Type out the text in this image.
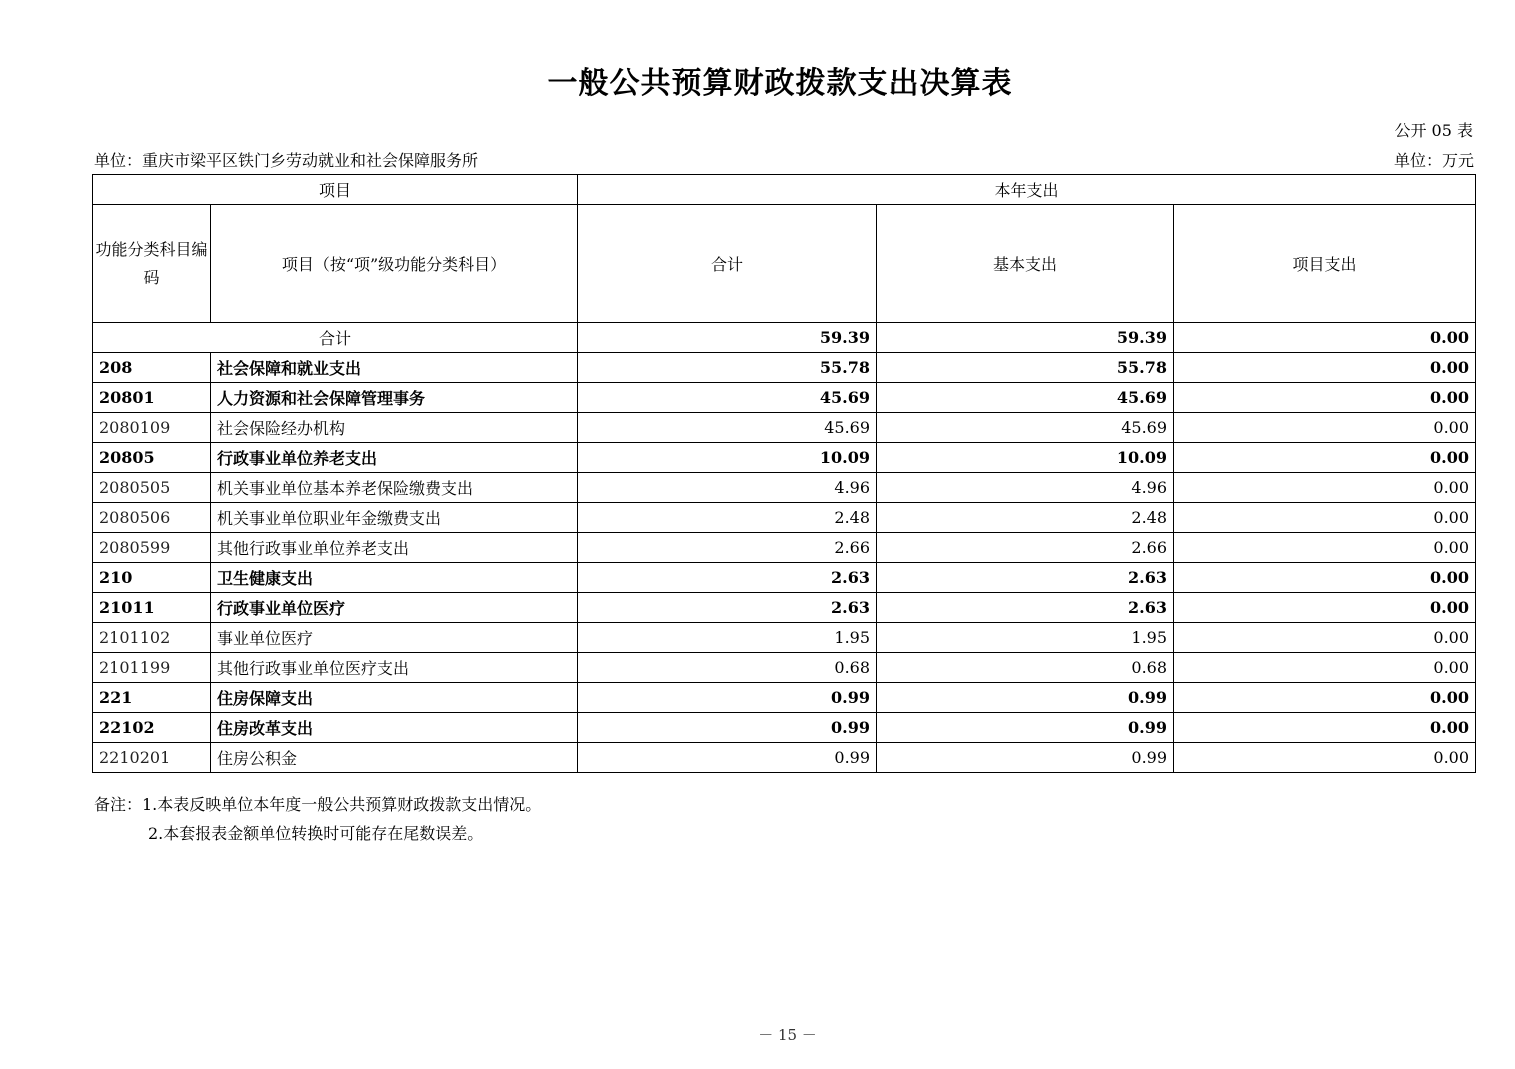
一般公共预算财政拨款支出决算表
公开 05 表
单位：重庆市梁平区铁门乡劳动就业和社会保障服务所	单位：万元
项目		本年支出		
功能分类科目编码	项目（按“项”级功能分类科目）	合计	基本支出	项目支出
合计		59.39	59.39	0.00
208	社会保障和就业支出	55.78	55.78	0.00
20801	人力资源和社会保障管理事务	45.69	45.69	0.00
2080109	社会保险经办机构	45.69	45.69	0.00
20805	行政事业单位养老支出	10.09	10.09	0.00
2080505	机关事业单位基本养老保险缴费支出	4.96	4.96	0.00
2080506	机关事业单位职业年金缴费支出	2.48	2.48	0.00
2080599	其他行政事业单位养老支出	2.66	2.66	0.00
210	卫生健康支出	2.63	2.63	0.00
21011	行政事业单位医疗	2.63	2.63	0.00
2101102	事业单位医疗	1.95	1.95	0.00
2101199	其他行政事业单位医疗支出	0.68	0.68	0.00
221	住房保障支出	0.99	0.99	0.00
22102	住房改革支出	0.99	0.99	0.00
2210201	住房公积金	0.99	0.99	0.00
备注：1.本表反映单位本年度一般公共预算财政拨款支出情况。
2.本套报表金额单位转换时可能存在尾数误差。
－ 15 －
